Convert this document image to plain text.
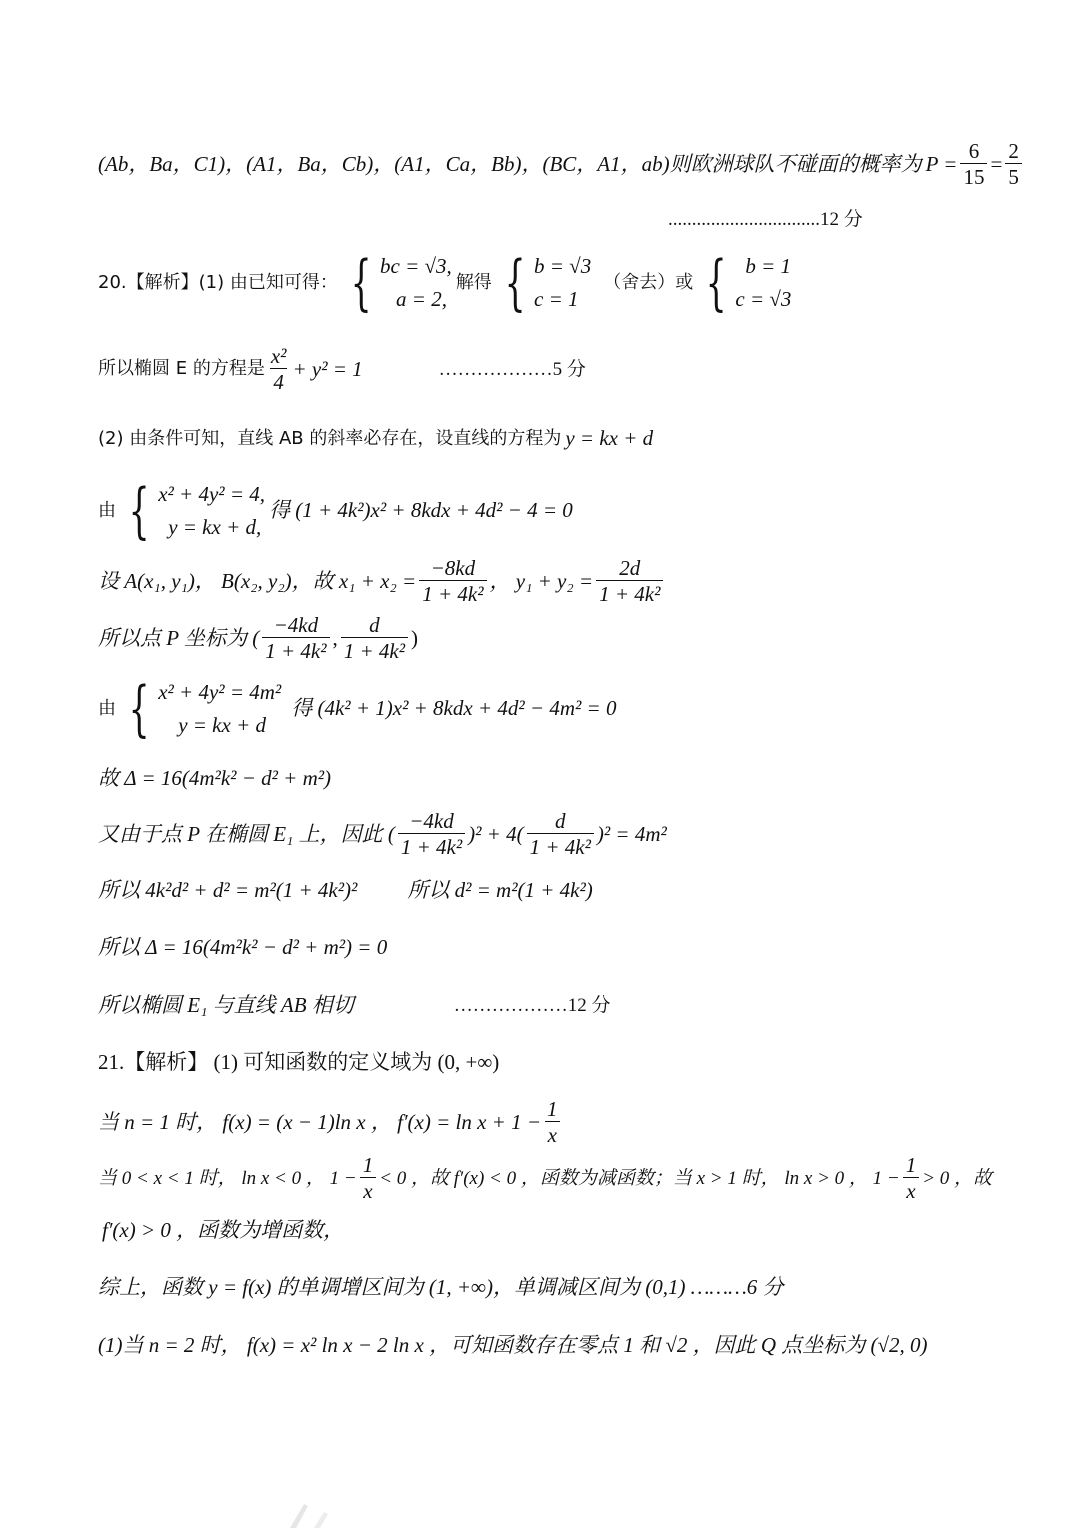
(Ab，Ba，C1)，(A1，Ba，Cb)，(A1，Ca，Bb)，(BC，A1，ab)则欧洲球队不碰面的概率为 $P = \frac{6}{15} = \frac{2}{5}$
................................12 分
20.【解析】(1) 由已知可得： { bc = √3,
a = 2,
解得 { b = √3
c = 1
（舍去）或 { b = 1
c = √3
所以椭圆 E 的方程是 $\frac{\text{x²}}{4} + y^2 = 1$	………………5 分
(2) 由条件可知，直线 AB 的斜率必存在，设直线的方程为 y = kx + d
由 { x² + 4y² = 4,
y = kx + d,
得 (1 + 4k²)x² + 8kdx + 4d² − 4 = 0
设 A(x₁, y₁)， B(x₂, y₂)，故 $x_1 + x_2 = \frac{-8kd}{\text{1 + 4k²}}$ ， $y_1 + y_2 = \frac{2d}{\text{1 + 4k²}}$
所以点 P 坐标为 ( $\frac{-4kd}{\text{1 + 4k²}}$ , $\frac{d}{\text{1 + 4k²}}$ )
由 { x² + 4y² = 4m²
y = kx + d
得 (4k² + 1)x² + 8kdx + 4d² − 4m² = 0
故 Δ = 16(4m²k² − d² + m²)
又由于点 P 在椭圆 E₁ 上，因此 ( $\frac{-4kd}{\text{1 + 4k²}} )^2 + 4( \frac{d}{\text{1 + 4k²}} )^2 = 4m^2$
所以 4k²d² + d² = m²(1 + 4k²)² 所以 d² = m²(1 + 4k²)
所以 Δ = 16(4m²k² − d² + m²) = 0
所以椭圆 E₁ 与直线 AB 相切	………………12 分
21.【解析】 (1) 可知函数的定义域为 (0, +∞)
当 n = 1 时， f(x) = (x − 1)ln x ， $f'(x) = \ln x + 1 - \frac{1}{x}$
当 0 < x < 1 时， ln x < 0 ， $1 - \frac{1}{x} < 0$ ，故 f′(x) < 0 ，函数为减函数；当 x > 1 时， ln x > 0 ， $1 - \frac{1}{x} > 0$ ，故
f′(x) > 0 ，函数为增函数，
综上，函数 y = f(x) 的单调增区间为 (1, +∞)，单调减区间为 (0,1) ………6 分
(1)当 n = 2 时， f(x) = x² ln x − 2 ln x ，可知函数存在零点 1 和 √2 ，因此 Q 点坐标为 (√2, 0)
